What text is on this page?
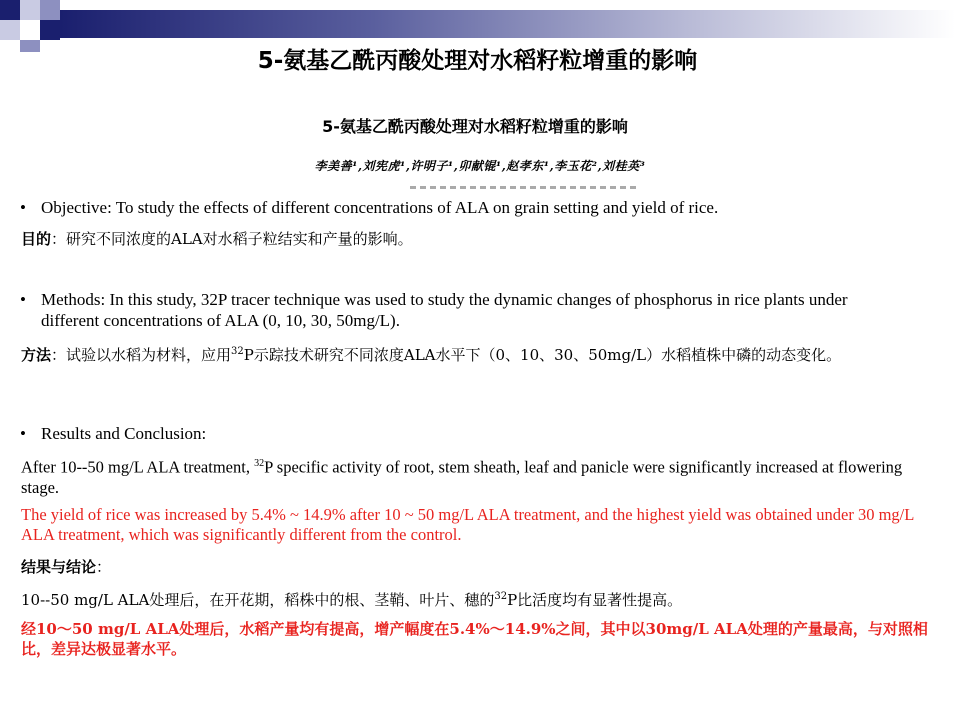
5-氨基乙酰丙酸处理对水稻籽粒增重的影响
5-氨基乙酰丙酸处理对水稻籽粒增重的影响
李美善¹,刘宪虎¹,许明子¹,卯献锟¹,赵孝东¹,李玉花²,刘桂英³
• Objective: To study the effects of different concentrations of ALA on grain setting and yield of rice.
目的：研究不同浓度的ALA对水稻子粒结实和产量的影响。
• Methods: In this study, 32P tracer technique was used to study the dynamic changes of phosphorus in rice plants under different concentrations of ALA (0, 10, 30, 50mg/L).
方法：试验以水稻为材料，应用$^{32}$P示踪技术研究不同浓度ALA水平下（0、10、30、50mg/L）水稻植株中磷的动态变化。
• Results and Conclusion:
After 10--50 mg/L ALA treatment, $^{32}$P specific activity of root, stem sheath, leaf and panicle were significantly increased at flowering stage.
The yield of rice was increased by 5.4% ~ 14.9% after 10 ~ 50 mg/L ALA treatment, and the highest yield was obtained under 30 mg/L ALA treatment, which was significantly different from the control.
结果与结论：
10--50 mg/L ALA处理后，在开花期，稻株中的根、茎鞘、叶片、穗的$^{32}$P比活度均有显著性提高。
经10～50 mg/L ALA处理后，水稻产量均有提高，增产幅度在5.4%～14.9%之间，其中以30mg/L ALA处理的产量最高，与对照相比，差异达极显著水平。
